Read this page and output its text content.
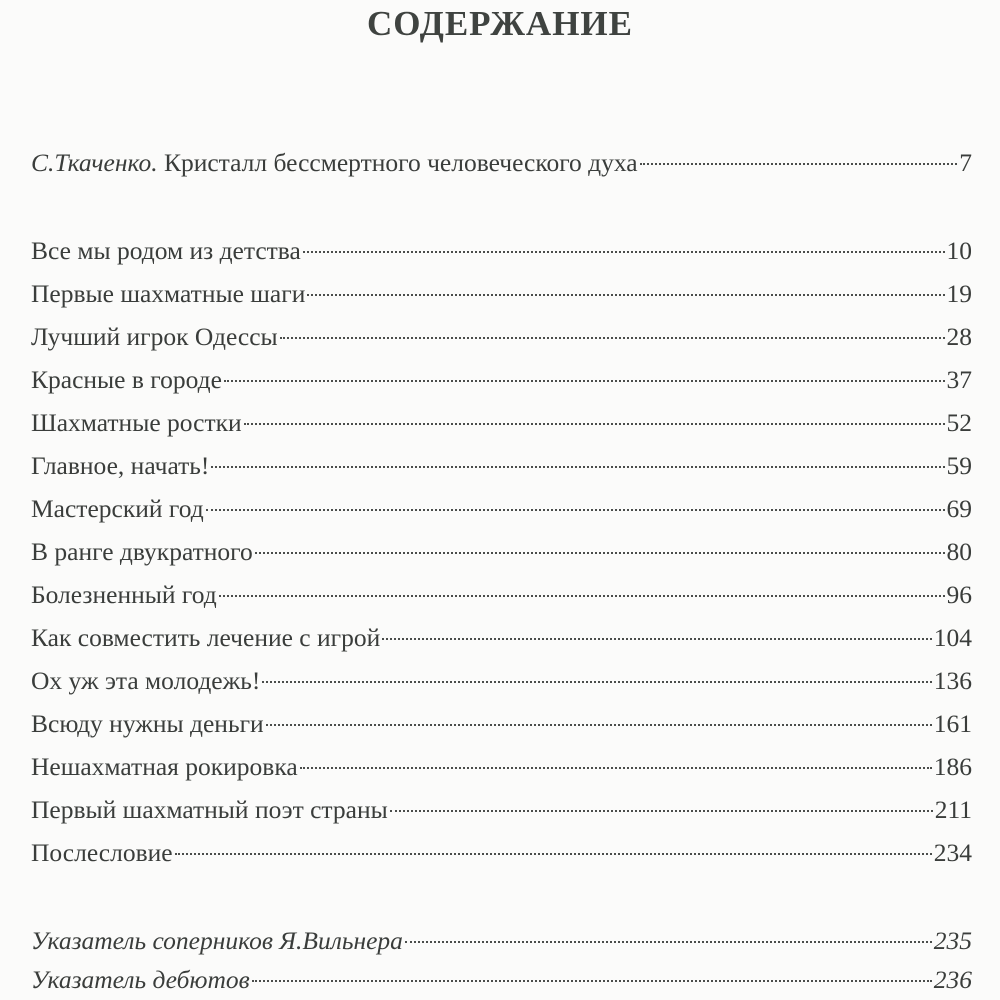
СОДЕРЖАНИЕ
С.Ткаченко. Кристалл бессмертного человеческого духа	7
Все мы родом из детства	10
Первые шахматные шаги	19
Лучший игрок Одессы	28
Красные в городе	37
Шахматные ростки	52
Главное, начать!	59
Мастерский год	69
В ранге двукратного	80
Болезненный год	96
Как совместить лечение с игрой	104
Ох уж эта молодежь!	136
Всюду нужны деньги	161
Нешахматная рокировка	186
Первый шахматный поэт страны	211
Послесловие	234
Указатель соперников Я.Вильнера	235
Указатель дебютов	236
